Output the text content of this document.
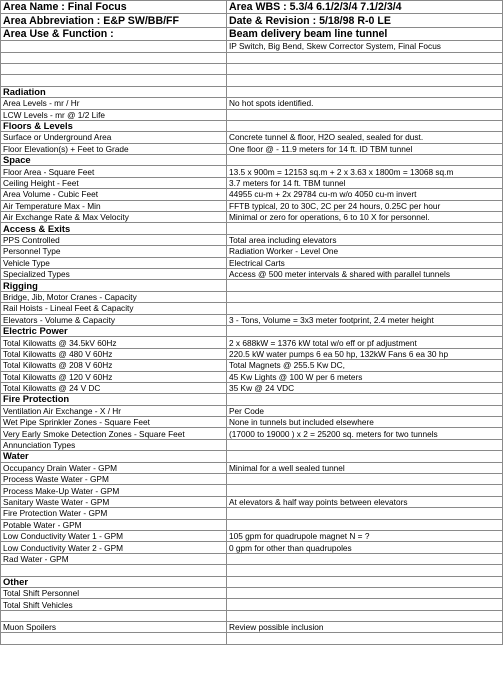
Area Name : Final Focus	Area WBS : 5.3/4 6.1/2/3/4 7.1/2/3/4
Area Abbreviation : E&P SW/BB/FF	Date & Revision : 5/18/98 R-0 LE
Area Use & Function :	Beam delivery beam line tunnel
	IP Switch, Big Bend, Skew Corrector System, Final Focus

Radiation	
Area Levels - mr / Hr	No hot spots identified.
LCW Levels - mr @ 1/2 Life	
Floors & Levels	
Surface or Underground Area	Concrete tunnel & floor, H2O sealed, sealed for dust.
Floor Elevation(s) + Feet to Grade	One floor @ - 11.9 meters for 14 ft. ID TBM tunnel
Space	
Floor Area - Square Feet	13.5 x 900m = 12153 sq.m + 2 x 3.63 x 1800m = 13068 sq.m
Ceiling Height - Feet	3.7 meters for 14 ft. TBM tunnel
Area Volume - Cubic Feet	44955 cu-m + 2x 29784 cu-m w/o 4050 cu-m invert
Air Temperature Max - Min	FFTB typical, 20 to 30C, 2C per 24 hours, 0.25C per hour
Air Exchange Rate & Max Velocity	Minimal or zero for operations, 6 to 10 X for personnel.
Access & Exits	
PPS Controlled	Total area including elevators
Personnel Type	Radiation Worker - Level One
Vehicle Type	Electrical Carts
Specialized Types	Access @ 500 meter intervals & shared with parallel tunnels
Rigging	
Bridge, Jib, Motor Cranes - Capacity	
Rail Hoists - Lineal Feet & Capacity	
Elevators - Volume & Capacity	3 - Tons, Volume = 3x3 meter footprint, 2.4 meter height
Electric Power	
Total Kilowatts @ 34.5kV 60Hz	2 x 688kW = 1376 kW total w/o eff or pf adjustment
Total Kilowatts @ 480 V 60Hz	220.5 kW water pumps 6 ea 50 hp, 132kW Fans 6 ea 30 hp
Total Kilowatts @ 208 V 60Hz	Total Magnets @ 255.5 Kw DC,
Total Kilowatts @ 120 V 60Hz	45 Kw Lights @ 100 W per 6 meters
Total Kilowatts @ 24 V DC	35 Kw @ 24 VDC
Fire Protection	
Ventilation Air Exchange - X / Hr	Per Code
Wet Pipe Sprinkler Zones - Square Feet	None in tunnels but included elsewhere
Very Early Smoke Detection Zones - Square Feet	(17000 to 19000 ) x 2 = 25200 sq. meters for two tunnels
Annunciation Types	
Water	
Occupancy Drain Water - GPM	Minimal for a well sealed tunnel
Process Waste Water - GPM	
Process Make-Up Water - GPM	
Sanitary Waste Water - GPM	At elevators & half way points between elevators
Fire Protection Water - GPM	
Potable Water - GPM	
Low Conductivity Water 1 - GPM	105 gpm for quadrupole magnet N = ?
Low Conductivity Water 2 - GPM	0 gpm for other than quadrupoles
Rad Water - GPM	

Other	
Total Shift Personnel	
Total Shift Vehicles	

Muon Spoilers	Review possible inclusion
